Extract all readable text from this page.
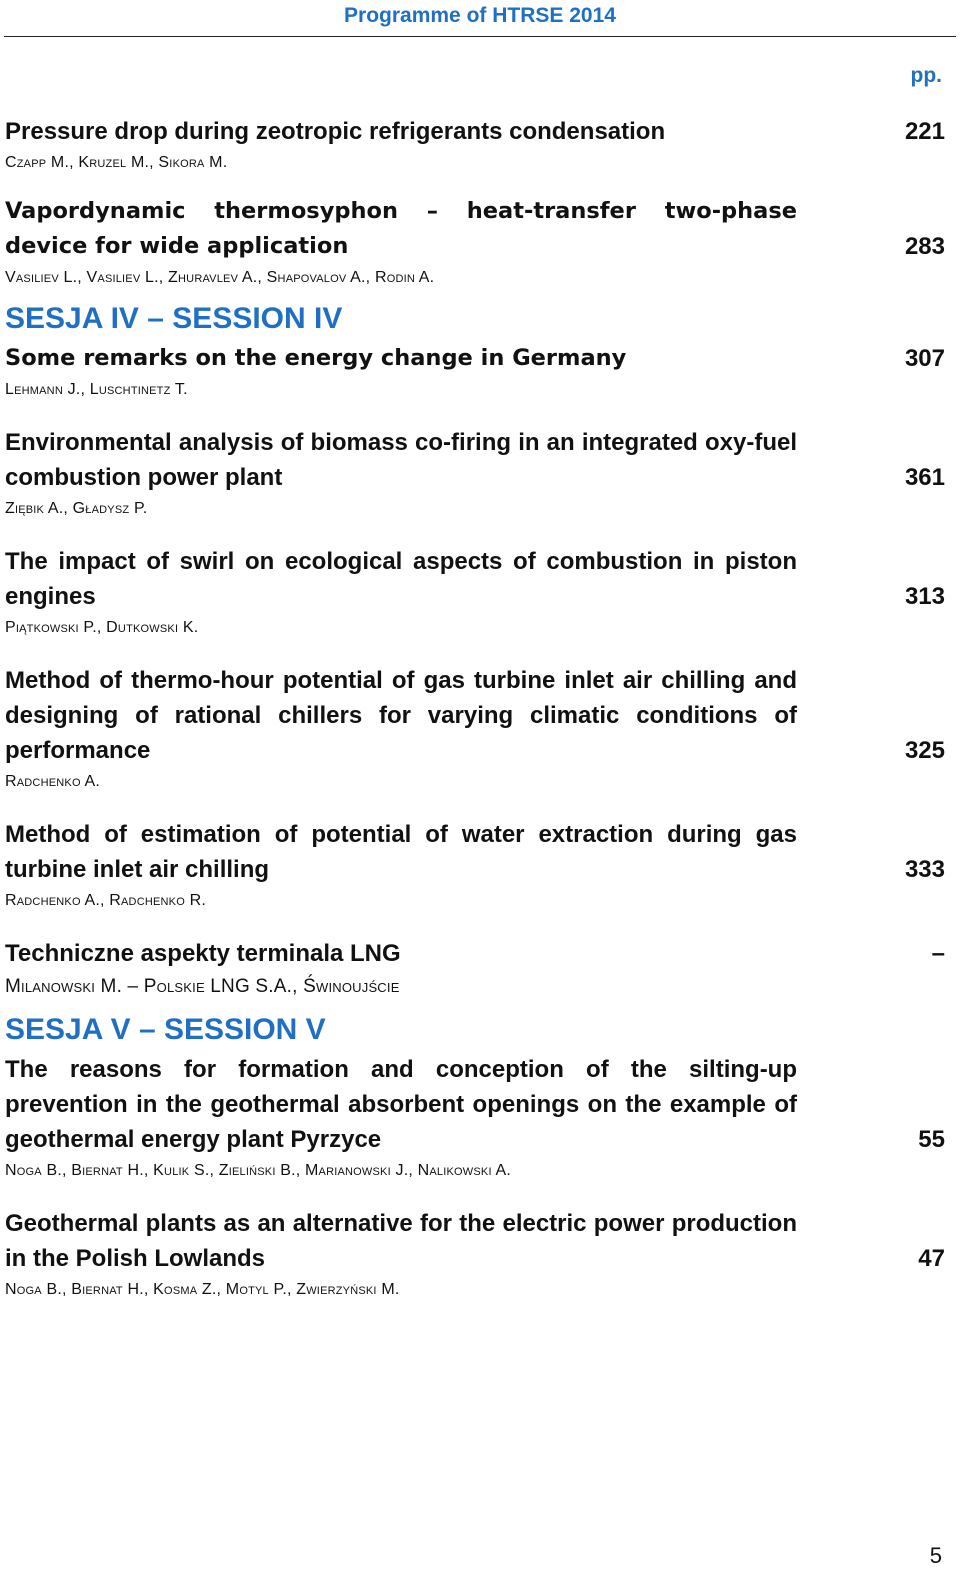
Programme of HTRSE 2014
pp.
Pressure drop during zeotropic refrigerants condensation	221
Czapp M., Kruzel M., Sikora M.
Vapordynamic thermosyphon – heat-transfer two-phase device for wide application	283
Vasiliev L., Vasiliev L., Zhuravlev A., Shapovalov A., Rodin A.
SESJA IV – SESSION IV
Some remarks on the energy change in Germany	307
Lehmann J., Luschtinetz T.
Environmental analysis of biomass co-firing in an integrated oxy-fuel combustion power plant	361
Ziębik A., Gładysz P.
The impact of swirl on ecological aspects of combustion in piston engines	313
Piątkowski P., Dutkowski K.
Method of thermo-hour potential of gas turbine inlet air chilling and designing of rational chillers for varying climatic conditions of performance	325
Radchenko A.
Method of estimation of potential of water extraction during gas turbine inlet air chilling	333
Radchenko A., Radchenko R.
Techniczne aspekty terminala LNG	–
Milanowski M. – Polskie LNG S.A., Świnoujście
SESJA V – SESSION V
The reasons for formation and conception of the silting-up prevention in the geothermal absorbent openings on the example of geothermal energy plant Pyrzyce	55
Noga B., Biernat H., Kulik S., Zieliński B., Marianowski J., Nalikowski A.
Geothermal plants as an alternative for the electric power production in the Polish Lowlands	47
Noga B., Biernat H., Kosma Z., Motyl P., Zwierzyński M.
5
